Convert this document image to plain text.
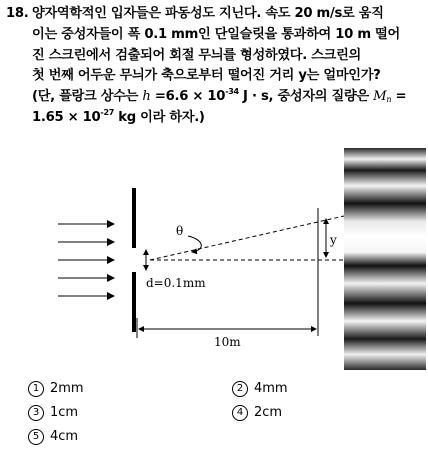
18. 양자역학적인 입자들은 파동성도 지닌다. 속도 20 m/s로 움직
이는 중성자들이 폭 0.1 mm인 단일슬릿을 통과하여 10 m 떨어
진 스크린에서 검출되어 회절 무늬를 형성하였다. 스크린의
첫 번째 어두운 무늬가 축으로부터 떨어진 거리 y는 얼마인가?
(단, 플랑크 상수는 $h =6.6 \times 10^{-34}$ J · s, 중성자의 질량은 $M_n$ =
$1.65 \times 10^{-27}$ kg 이라 하자.)
d=0.1mm
θ
y
10m
1 2mm	2 4mm
3 1cm	4 2cm
5 4cm
